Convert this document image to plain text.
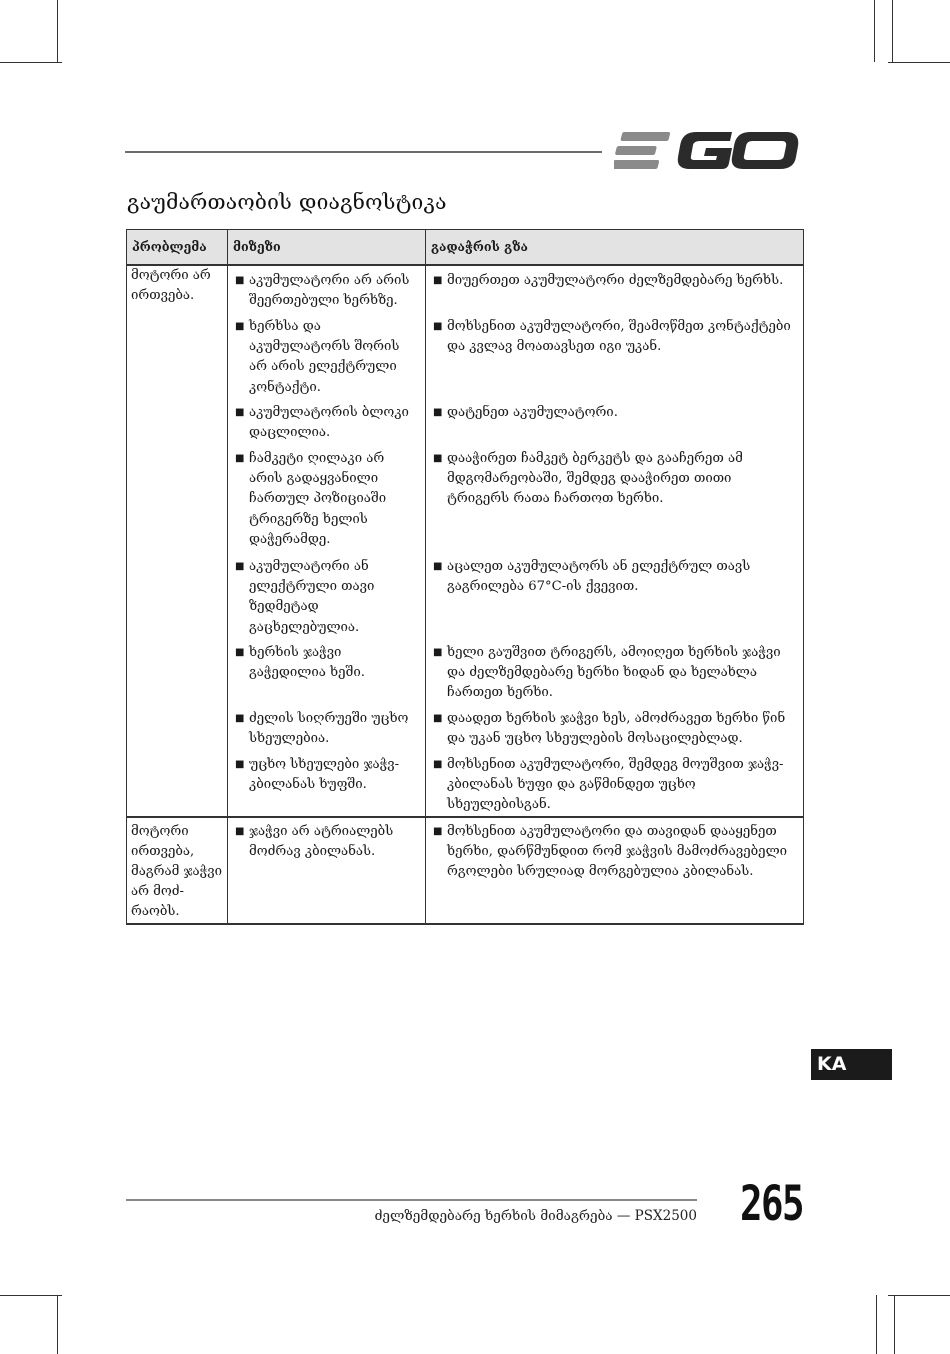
გაუმართაობის დიაგნოსტიკა
პრობლემა	მიზეზი	გადაჭრის გზა
მოტორი არ ირთვება.	■ აკუმულატორი არ არის შეერთებული ხერხზე.	■ მიუერთეთ აკუმულატორი ძელზემდებარე ხერხს.

	■ ხერხსა და აკუმულატორს შორის არ არის ელექტრული კონტაქტი.	■ მოხსენით აკუმულატორი, შეამოწმეთ კონტაქტები და კვლავ მოათავსეთ იგი უკან.

	■ აკუმულატორის ბლოკი დაცლილია.	■ დატენეთ აკუმულატორი.

	■ ჩამკეტი ღილაკი არ არის გადაყვანილი ჩართულ პოზიციაში ტრიგერზე ხელის დაჭერამდე.	■ დააჭირეთ ჩამკეტ ბერკეტს და გააჩერეთ ამ მდგომარეობაში, შემდეგ დააჭირეთ თითი ტრიგერს რათა ჩართოთ ხერხი.

	■ აკუმულატორი ან ელექტრული თავი ზედმეტად გაცხელებულია.	■ აცალეთ აკუმულატორს ან ელექტრულ თავს გაგრილება 67°C-ის ქვევით.

	■ ხერხის ჯაჭვი გაჭედილია ხეში.	■ ხელი გაუშვით ტრიგერს, ამოიღეთ ხერხის ჯაჭვი და ძელზემდებარე ხერხი ხიდან და ხელახლა ჩართეთ ხერხი.

	■ ძელის სიღრუეში უცხო სხეულებია.	■ დაადეთ ხერხის ჯაჭვი ხეს, ამოძრავეთ ხერხი წინ და უკან უცხო სხეულების მოსაცილებლად.

	■ უცხო სხეულები ჯაჭვ-კბილანას ხუფში.	■ მოხსენით აკუმულატორი, შემდეგ მოუშვით ჯაჭვ-კბილანას ხუფი და გაწმინდეთ უცხო სხეულებისგან.

მოტორი ირთვება, მაგრამ ჯაჭვი არ მოძ-რაობს.	■ ჯაჭვი არ ატრიალებს მოძრავ კბილანას.	■ მოხსენით აკუმულატორი და თავიდან დააყენეთ ხერხი, დარწმუნდით რომ ჯაჭვის მამოძრავებელი რგოლები სრულიად მორგებულია კბილანას.
KA
ძელზემდებარე ხერხის მიმაგრება — PSX2500 265
